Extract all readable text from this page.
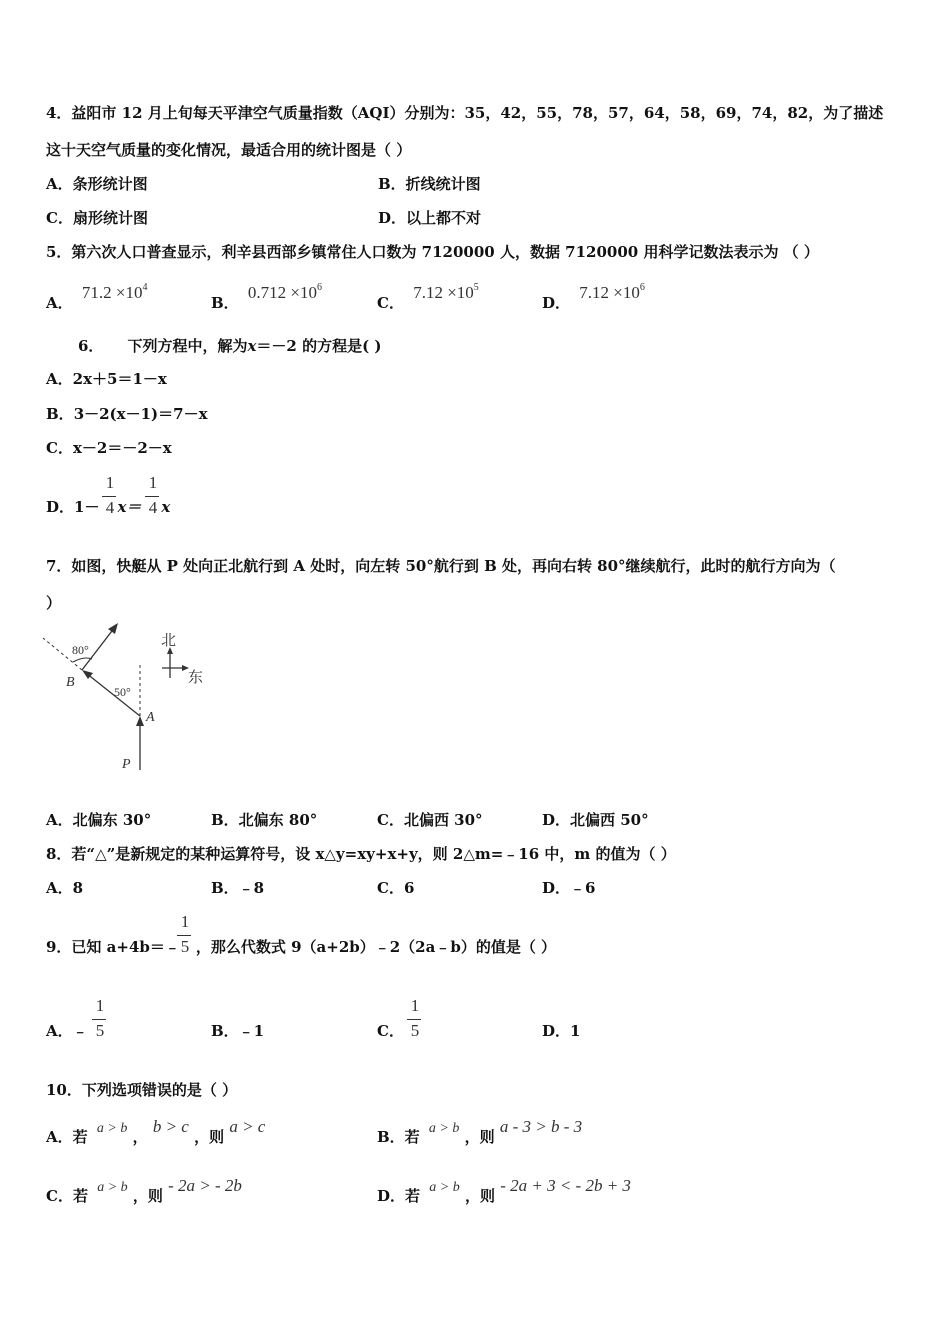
4．益阳市 12 月上旬每天平津空气质量指数（AQI）分别为：35，42，55，78，57，64，58，69，74，82，为了描述
这十天空气质量的变化情况，最适合用的统计图是（ ）
A．条形统计图	B．折线统计图
C．扇形统计图	D．以上都不对
5．第六次人口普查显示，利辛县西部乡镇常住人口数为 7120000 人，数据 7120000 用科学记数法表示为 （ ）
A． $71.2 \times 10^4$
B． $0.712 \times 10^6$
C． $7.12 \times 10^5$
D． $7.12 \times 10^6$
6． 下列方程中，解为x＝－2 的方程是( )
A．2x＋5＝1－x
B．3－2(x－1)＝7－x
C．x－2＝－2－x
D．1－ x＝ x
1
4
1
4
7．如图，快艇从 P 处向正北航行到 A 处时，向左转 50°航行到 B 处，再向右转 80°继续航行，此时的航行方向为（
）
80°
50°
B
A
P
北
东
A．北偏东 30°	B．北偏东 80°	C．北偏西 30°	D．北偏西 50°
8．若“△”是新规定的某种运算符号，设 x△y=xy+x+y，则 2△m=﹣16 中，m 的值为（ ）
A．8	B．﹣8	C．6	D．﹣6
9．已知 a+4b＝﹣ ，那么代数式 9（a+2b）﹣2（2a﹣b）的值是（ ）
1
5
A．﹣
1
5	B．﹣1	C．
1
5	D．1
10．下列选项错误的是（ ）
A．若 a > b ， b > c ，则 a > c
B．若 a > b ，则 a - 3 > b - 3
C．若 a > b ，则 - 2a > - 2b
D．若 a > b ，则 - 2a + 3 < - 2b + 3
